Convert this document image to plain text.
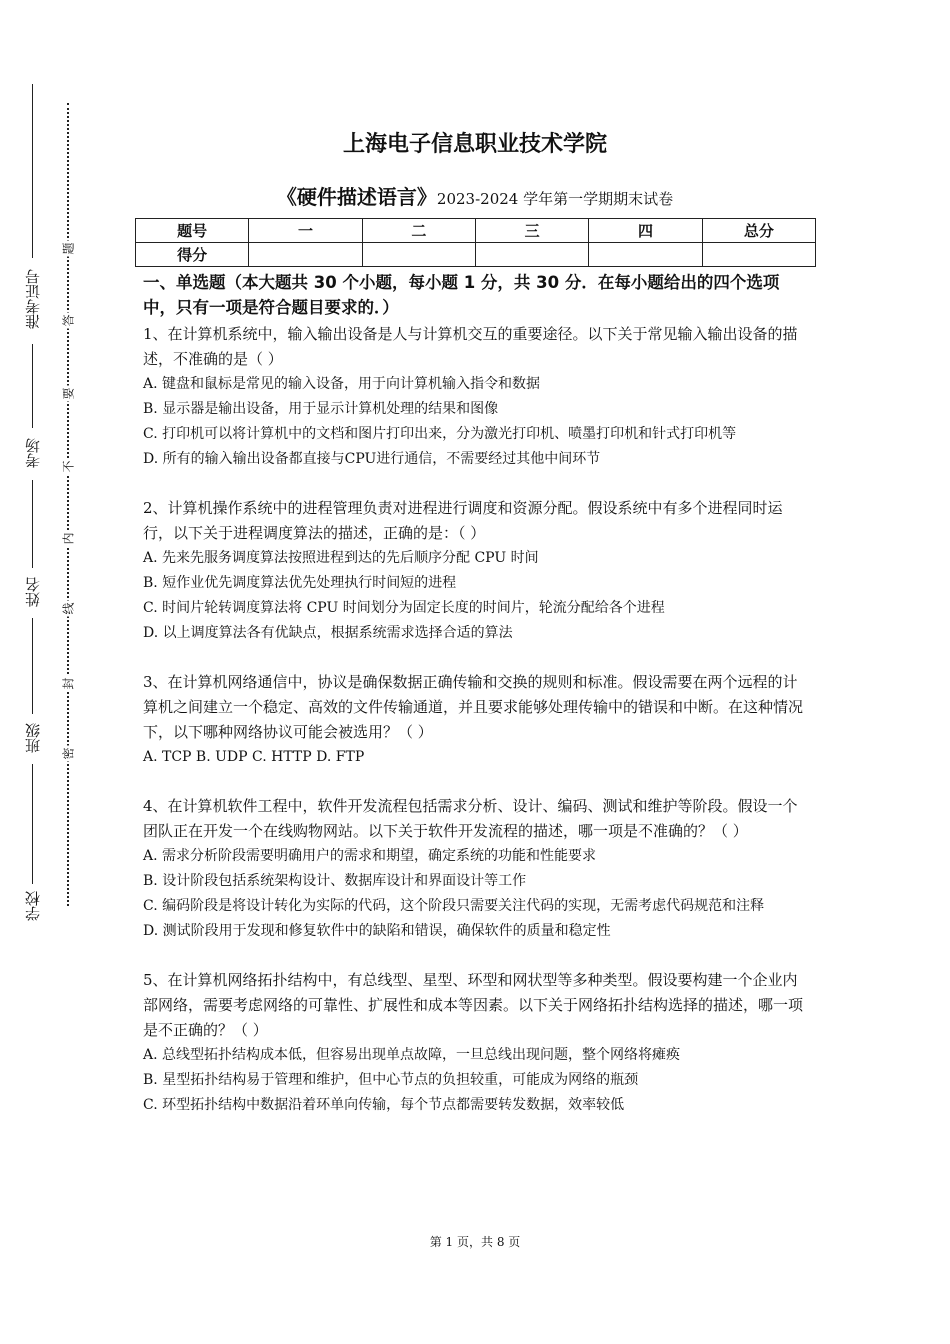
准考证号
考场
姓名
班级
学校
题
答
要
不
内
线
封
密
上海电子信息职业技术学院
《硬件描述语言》2023-2024 学年第一学期期末试卷
题号	一	二	三	四	总分
得分					
一、单选题（本大题共 30 个小题，每小题 1 分，共 30 分．在每小题给出的四个选项中，只有一项是符合题目要求的．）
1、在计算机系统中，输入输出设备是人与计算机交互的重要途径。以下关于常见输入输出设备的描述，不准确的是（ ）
A. 键盘和鼠标是常见的输入设备，用于向计算机输入指令和数据
B. 显示器是输出设备，用于显示计算机处理的结果和图像
C. 打印机可以将计算机中的文档和图片打印出来，分为激光打印机、喷墨打印机和针式打印机等
D. 所有的输入输出设备都直接与CPU进行通信，不需要经过其他中间环节
2、计算机操作系统中的进程管理负责对进程进行调度和资源分配。假设系统中有多个进程同时运行，以下关于进程调度算法的描述，正确的是：（ ）
A. 先来先服务调度算法按照进程到达的先后顺序分配 CPU 时间
B. 短作业优先调度算法优先处理执行时间短的进程
C. 时间片轮转调度算法将 CPU 时间划分为固定长度的时间片，轮流分配给各个进程
D. 以上调度算法各有优缺点，根据系统需求选择合适的算法
3、在计算机网络通信中，协议是确保数据正确传输和交换的规则和标准。假设需要在两个远程的计算机之间建立一个稳定、高效的文件传输通道，并且要求能够处理传输中的错误和中断。在这种情况下，以下哪种网络协议可能会被选用？（ ）
A. TCP B. UDP C. HTTP D. FTP
4、在计算机软件工程中，软件开发流程包括需求分析、设计、编码、测试和维护等阶段。假设一个团队正在开发一个在线购物网站。以下关于软件开发流程的描述，哪一项是不准确的？（ ）
A. 需求分析阶段需要明确用户的需求和期望，确定系统的功能和性能要求
B. 设计阶段包括系统架构设计、数据库设计和界面设计等工作
C. 编码阶段是将设计转化为实际的代码，这个阶段只需要关注代码的实现，无需考虑代码规范和注释
D. 测试阶段用于发现和修复软件中的缺陷和错误，确保软件的质量和稳定性
5、在计算机网络拓扑结构中，有总线型、星型、环型和网状型等多种类型。假设要构建一个企业内部网络，需要考虑网络的可靠性、扩展性和成本等因素。以下关于网络拓扑结构选择的描述，哪一项是不正确的？（ ）
A. 总线型拓扑结构成本低，但容易出现单点故障，一旦总线出现问题，整个网络将瘫痪
B. 星型拓扑结构易于管理和维护，但中心节点的负担较重，可能成为网络的瓶颈
C. 环型拓扑结构中数据沿着环单向传输，每个节点都需要转发数据，效率较低
第 1 页，共 8 页
